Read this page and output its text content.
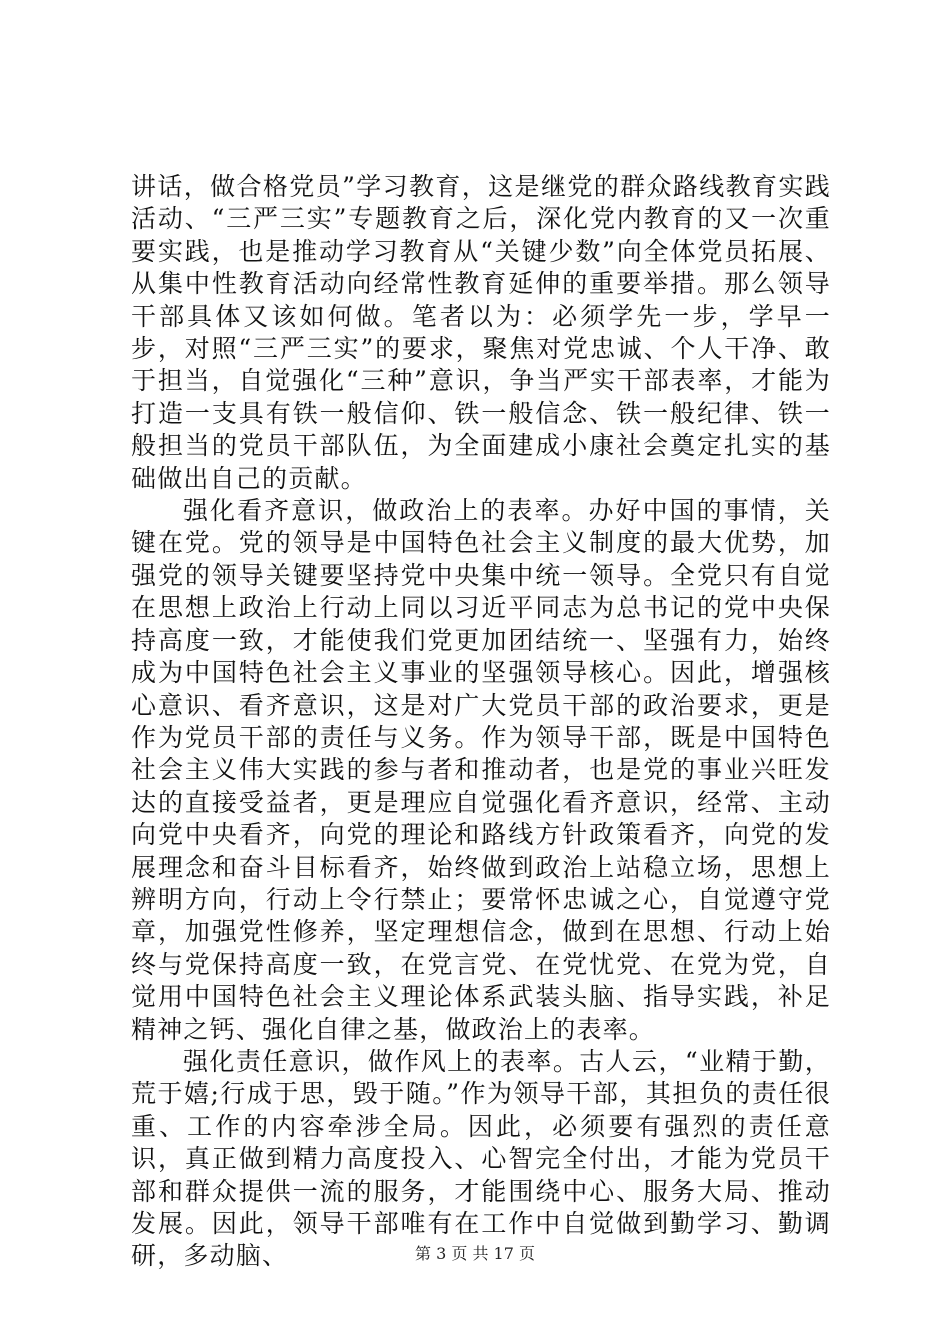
讲话，做合格党员”学习教育，这是继党的群众路线教育实践活动、“三严三实”专题教育之后，深化党内教育的又一次重要实践，也是推动学习教育从“关键少数”向全体党员拓展、从集中性教育活动向经常性教育延伸的重要举措。那么领导干部具体又该如何做。笔者以为：必须学先一步，学早一步，对照“三严三实”的要求，聚焦对党忠诚、个人干净、敢于担当，自觉强化“三种”意识，争当严实干部表率，才能为打造一支具有铁一般信仰、铁一般信念、铁一般纪律、铁一般担当的党员干部队伍，为全面建成小康社会奠定扎实的基础做出自己的贡献。

强化看齐意识，做政治上的表率。办好中国的事情，关键在党。党的领导是中国特色社会主义制度的最大优势，加强党的领导关键要坚持党中央集中统一领导。全党只有自觉在思想上政治上行动上同以习近平同志为总书记的党中央保持高度一致，才能使我们党更加团结统一、坚强有力，始终成为中国特色社会主义事业的坚强领导核心。因此，增强核心意识、看齐意识，这是对广大党员干部的政治要求，更是作为党员干部的责任与义务。作为领导干部，既是中国特色社会主义伟大实践的参与者和推动者，也是党的事业兴旺发达的直接受益者，更是理应自觉强化看齐意识，经常、主动向党中央看齐，向党的理论和路线方针政策看齐，向党的发展理念和奋斗目标看齐，始终做到政治上站稳立场，思想上辨明方向，行动上令行禁止；要常怀忠诚之心，自觉遵守党章，加强党性修养，坚定理想信念，做到在思想、行动上始终与党保持高度一致，在党言党、在党忧党、在党为党，自觉用中国特色社会主义理论体系武装头脑、指导实践，补足精神之钙、强化自律之基，做政治上的表率。

强化责任意识，做作风上的表率。古人云，“业精于勤，荒于嬉;行成于思，毁于随。”作为领导干部，其担负的责任很重、工作的内容牵涉全局。因此，必须要有强烈的责任意识，真正做到精力高度投入、心智完全付出，才能为党员干部和群众提供一流的服务，才能围绕中心、服务大局、推动发展。因此，领导干部唯有在工作中自觉做到勤学习、勤调研，多动脑、	第 3 页 共 17 页
